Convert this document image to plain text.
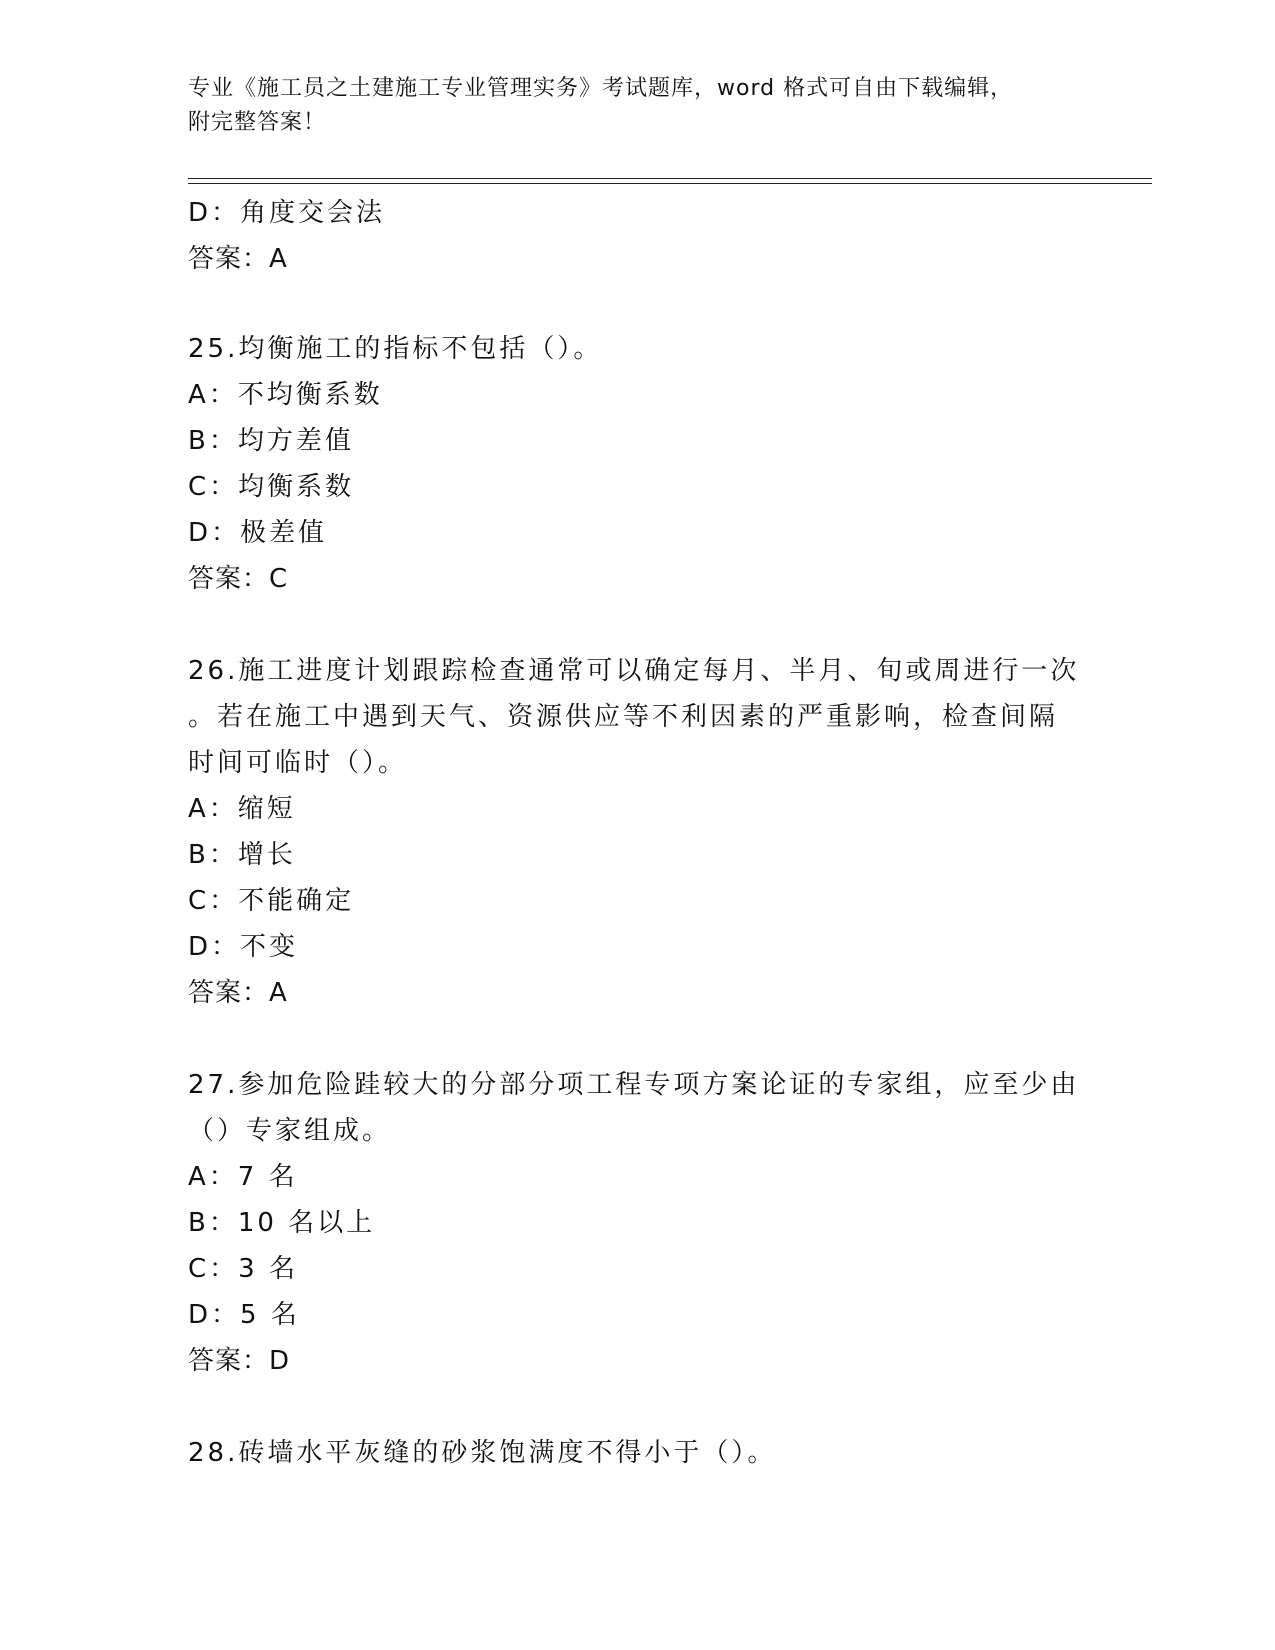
专业《施工员之土建施工专业管理实务》考试题库，word 格式可自由下载编辑，
附完整答案！
D：角度交会法
答案：A
25.均衡施工的指标不包括（）。
A：不均衡系数
B：均方差值
C：均衡系数
D：极差值
答案：C
26.施工进度计划跟踪检查通常可以确定每月、半月、旬或周进行一次
。若在施工中遇到天气、资源供应等不利因素的严重影响，检查间隔
时间可临时（）。
A：缩短
B：增长
C：不能确定
D：不变
答案：A
27.参加危险跬较大的分部分项工程专项方案论证的专家组，应至少由
（）专家组成。
A：7 名
B：10 名以上
C：3 名
D：5 名
答案：D
28.砖墙水平灰缝的砂浆饱满度不得小于（）。
